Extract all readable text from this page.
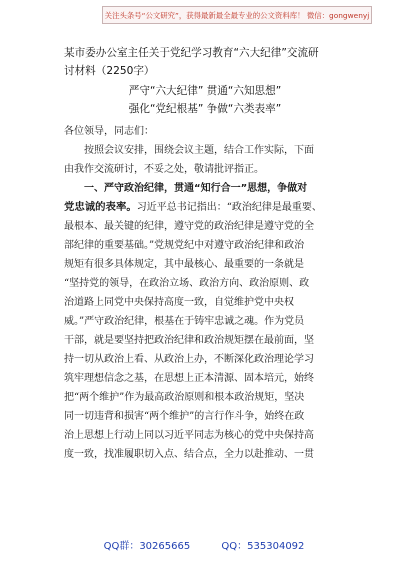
关注头条号“公文研究”，获得最新最全最专业的公文资料库！ 微信：gongwenyj
某市委办公室主任关于党纪学习教育“六大纪律”交流研
讨材料（2250字）
严守“六大纪律” 贯通“六知思想”
强化“党纪根基” 争做“六类表率”
各位领导，同志们：

　　按照会议安排，围绕会议主题，结合工作实际，下面

由我作交流研讨，不妥之处，敬请批评指正。

　　一、严守政治纪律，贯通“知行合一”思想，争做对

党忠诚的表率。习近平总书记指出：“政治纪律是最重要、

最根本、最关键的纪律，遵守党的政治纪律是遵守党的全

部纪律的重要基础。”党规党纪中对遵守政治纪律和政治

规矩有很多具体规定，其中最核心、最重要的一条就是

“坚持党的领导，在政治立场、政治方向、政治原则、政

治道路上同党中央保持高度一致，自觉维护党中央权

威。”严守政治纪律，根基在于铸牢忠诚之魂。作为党员

干部，就是要坚持把政治纪律和政治规矩摆在最前面，坚

持一切从政治上看、从政治上办，不断深化政治理论学习

筑牢理想信念之基，在思想上正本清源、固本培元，始终

把“两个维护”作为最高政治原则和根本政治规矩，坚决

同一切违背和损害“两个维护”的言行作斗争，始终在政

治上思想上行动上同以习近平同志为核心的党中央保持高

度一致，找准履职切入点、结合点，全力以赴推动、一贯

QQ群：30265665	QQ：535304092
